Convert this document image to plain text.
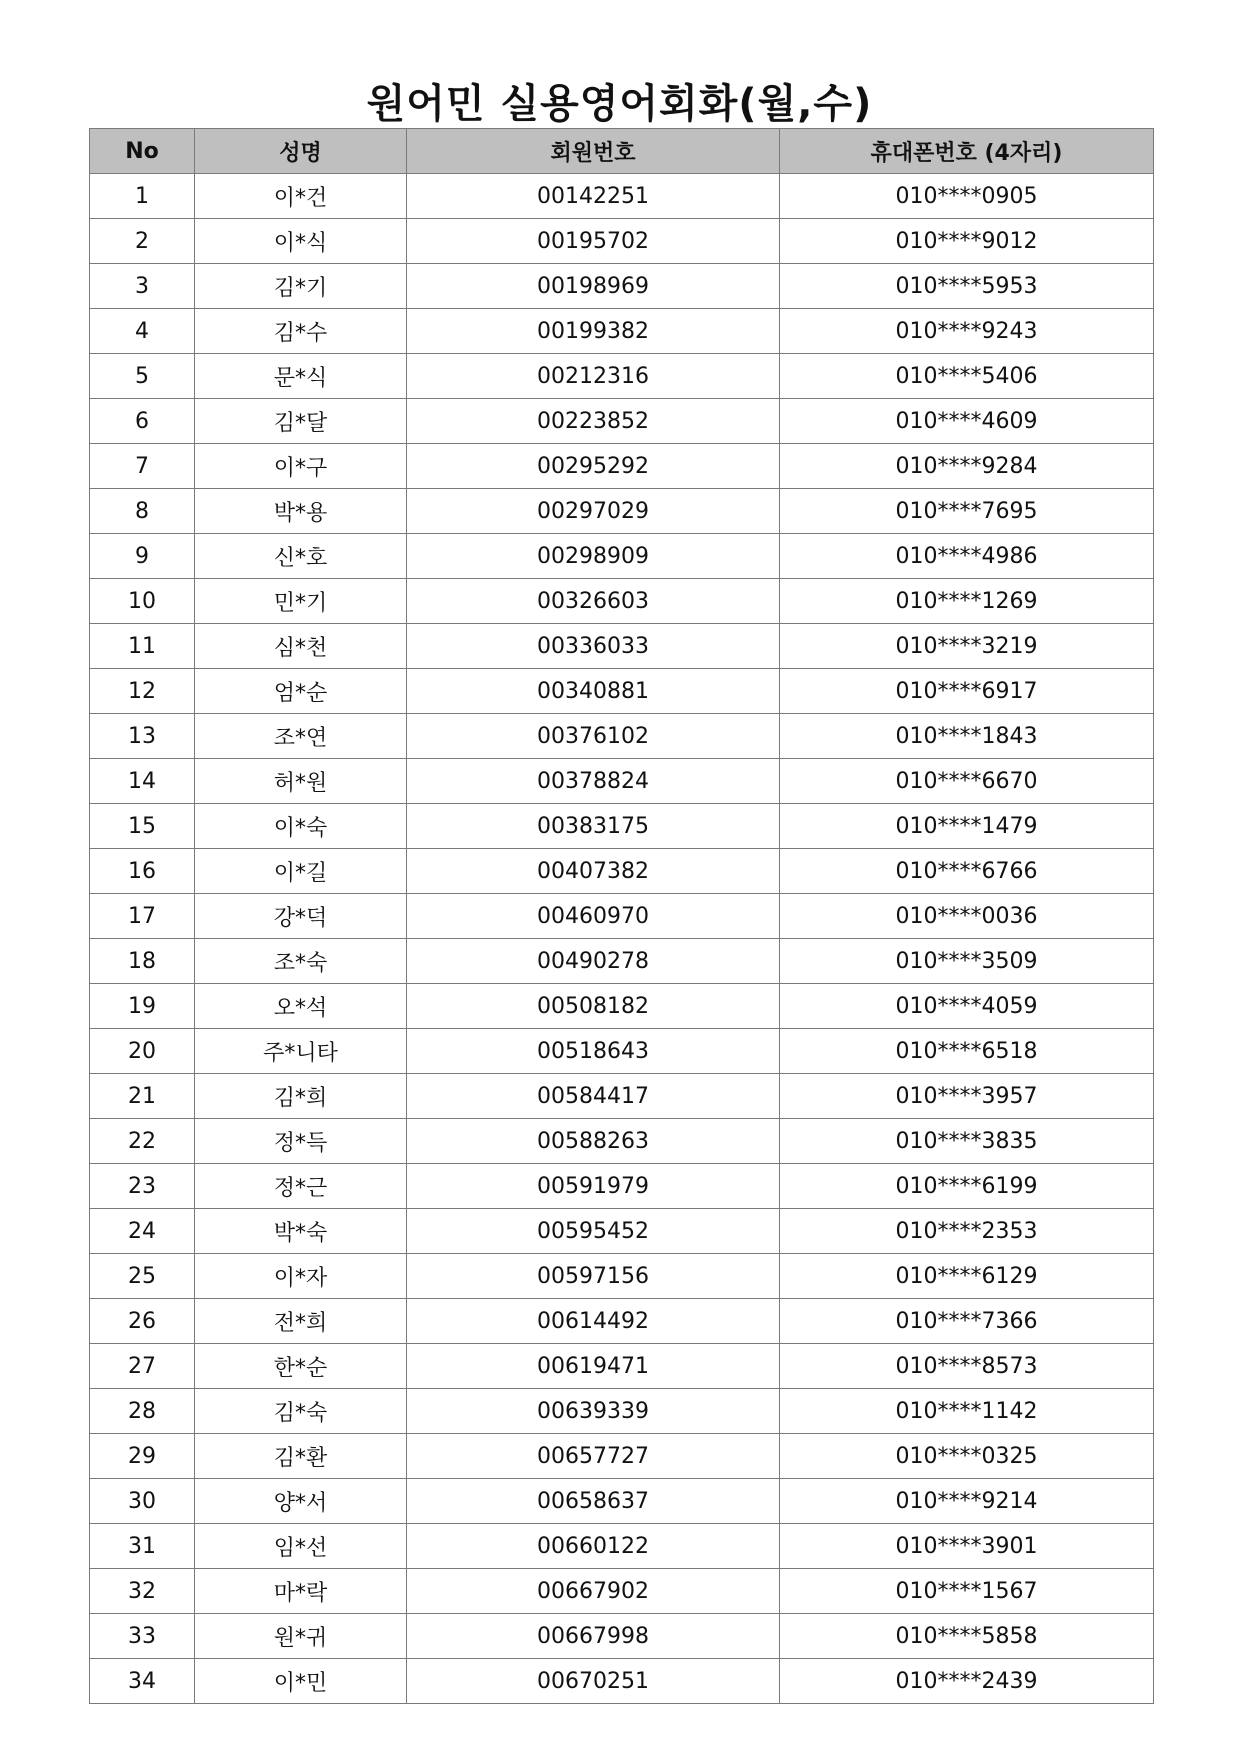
원어민 실용영어회화(월,수)
No	성명	회원번호	휴대폰번호 (4자리)
1	이*건	00142251	010****0905
2	이*식	00195702	010****9012
3	김*기	00198969	010****5953
4	김*수	00199382	010****9243
5	문*식	00212316	010****5406
6	김*달	00223852	010****4609
7	이*구	00295292	010****9284
8	박*용	00297029	010****7695
9	신*호	00298909	010****4986
10	민*기	00326603	010****1269
11	심*천	00336033	010****3219
12	엄*순	00340881	010****6917
13	조*연	00376102	010****1843
14	허*원	00378824	010****6670
15	이*숙	00383175	010****1479
16	이*길	00407382	010****6766
17	강*덕	00460970	010****0036
18	조*숙	00490278	010****3509
19	오*석	00508182	010****4059
20	주*니타	00518643	010****6518
21	김*희	00584417	010****3957
22	정*득	00588263	010****3835
23	정*근	00591979	010****6199
24	박*숙	00595452	010****2353
25	이*자	00597156	010****6129
26	전*희	00614492	010****7366
27	한*순	00619471	010****8573
28	김*숙	00639339	010****1142
29	김*환	00657727	010****0325
30	양*서	00658637	010****9214
31	임*선	00660122	010****3901
32	마*락	00667902	010****1567
33	원*귀	00667998	010****5858
34	이*민	00670251	010****2439
